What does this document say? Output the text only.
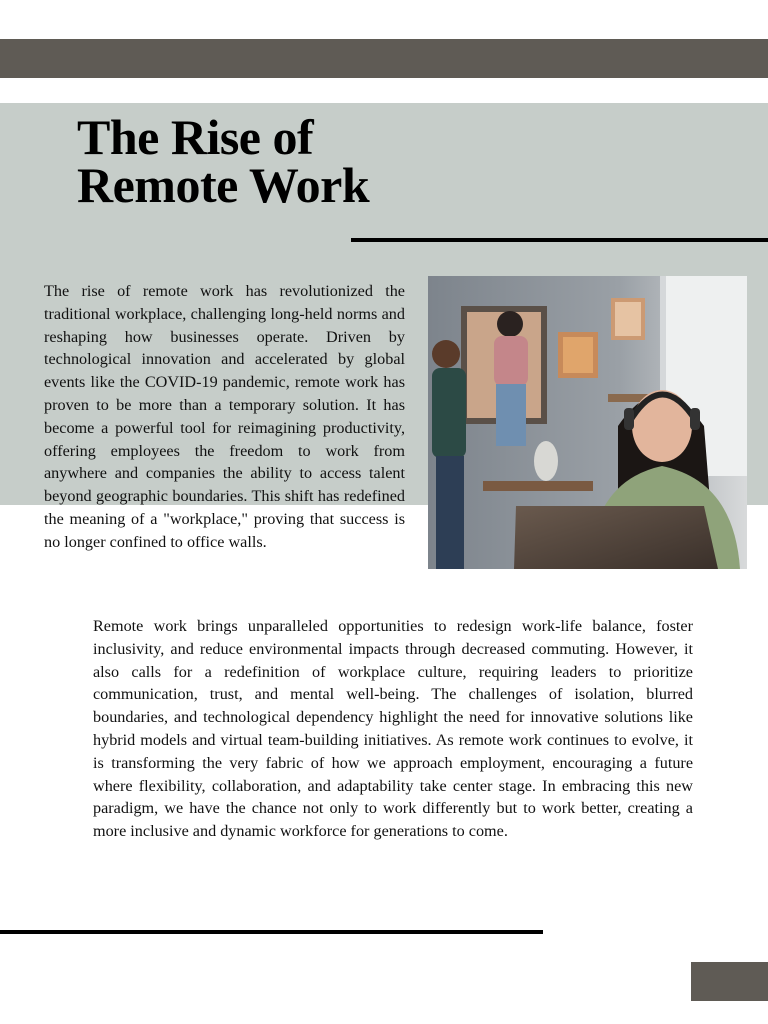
The Rise of
Remote Work

The rise of remote work has revolutionized the traditional workplace, challenging long-held norms and reshaping how businesses operate. Driven by technological innovation and accelerated by global events like the COVID-19 pandemic, remote work has proven to be more than a temporary solution. It has become a powerful tool for reimagining productivity, offering employees the freedom to work from anywhere and companies the ability to access talent beyond geographic boundaries. This shift has redefined the meaning of a "workplace," proving that success is no longer confined to office walls.

Remote work brings unparalleled opportunities to redesign work-life balance, foster inclusivity, and reduce environmental impacts through decreased commuting. However, it also calls for a redefinition of workplace culture, requiring leaders to prioritize communication, trust, and mental well-being. The challenges of isolation, blurred boundaries, and technological dependency highlight the need for innovative solutions like hybrid models and virtual team-building initiatives. As remote work continues to evolve, it is transforming the very fabric of how we approach employment, encouraging a future where flexibility, collaboration, and adaptability take center stage. In embracing this new paradigm, we have the chance not only to work differently but to work better, creating a more inclusive and dynamic workforce for generations to come.
